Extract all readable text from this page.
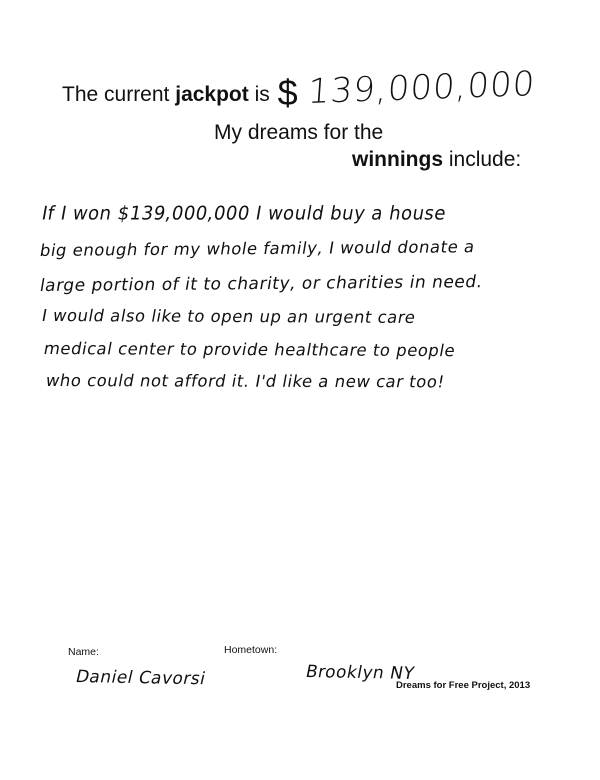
The current jackpot is $ 139,000,000
My dreams for the
winnings include:
If I won $139,000,000 I would buy a house
big enough for my whole family, I would donate a
large portion of it to charity, or charities in need.
I would also like to open up an urgent care
medical center to provide healthcare to people
who could not afford it. I'd like a new car too!
Name:	Hometown:
Daniel Cavorsi	Brooklyn NY
Dreams for Free Project, 2013
